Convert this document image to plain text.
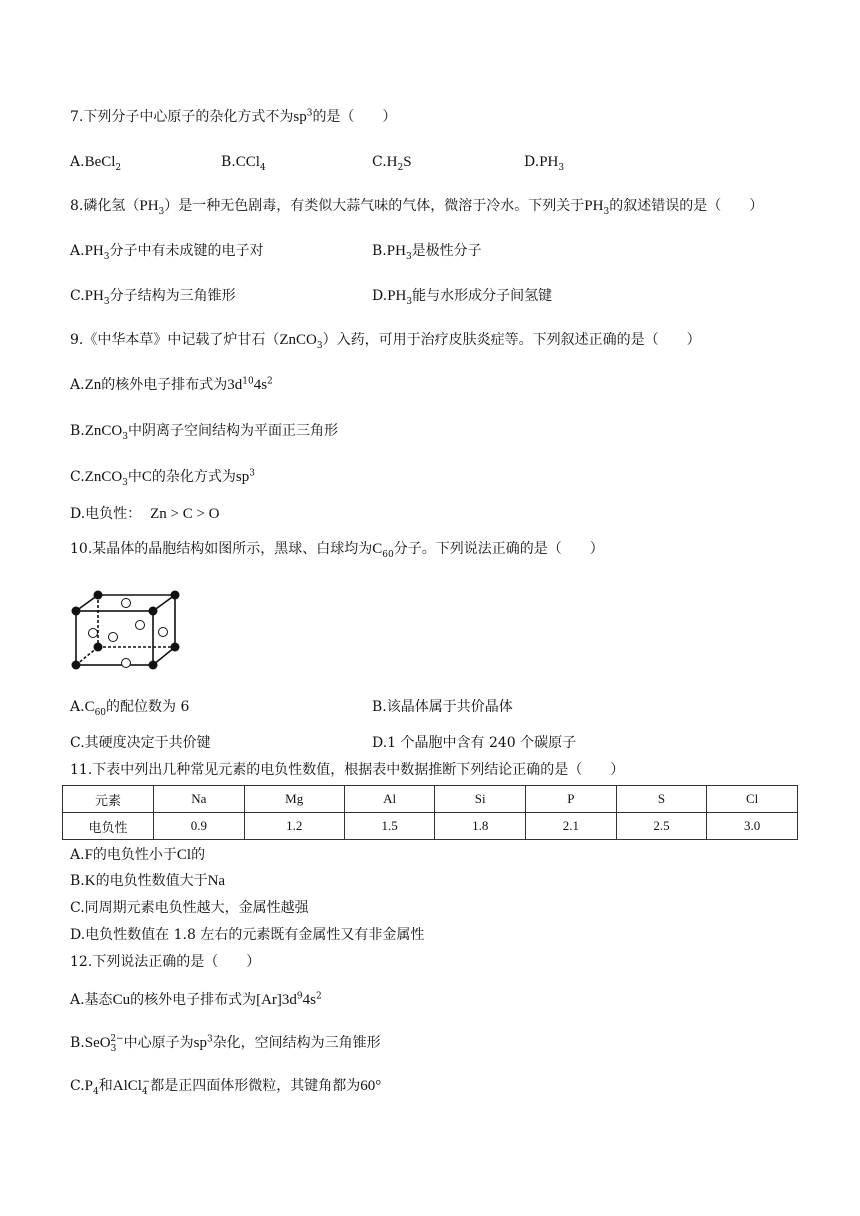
7.下列分子中心原子的杂化方式不为$sp^3$的是（　　）
A.BeCl$_2$	B.CCl$_4$	$C.H_2S$	$D.PH_3$
8.磷化氢$(PH_3)$是一种无色剧毒，有类似大蒜气味的气体，微溶于冷水。下列关于$PH_3$的叙述错误的是（　　）
$A.PH_3$分子中有未成键的电子对	$B.PH_3$是极性分子
$C.PH_3$分子结构为三角锥形	$D.PH_3$能与水形成分子间氢键
9.《中华本草》中记载了炉甘石（ZnCO$_3$）入药，可用于治疗皮肤炎症等。下列叙述正确的是（　　）
A.Zn的核外电子排布式为$3d^{10}4s^2$
B.ZnCO$_3$中阴离子空间结构为平面正三角形
C.ZnCO$_3$中C的杂化方式为$sp^3$
D.电负性： Zn > C > O
10.某晶体的晶胞结构如图所示，黑球、白球均为$C_{60}$分子。下列说法正确的是（　　）
$A.C_{60}$的配位数为 6	B.该晶体属于共价晶体
C.其硬度决定于共价键	D.1 个晶胞中含有 240 个碳原子
11.下表中列出几种常见元素的电负性数值，根据表中数据推断下列结论正确的是（　　）
元素	Na	Mg	Al	Si	P	S	Cl
电负性	0.9	1.2	1.5	1.8	2.1	2.5	3.0
A.F的电负性小于Cl的
B.K的电负性数值大于Na
C.同周期元素电负性越大，金属性越强
D.电负性数值在 1.8 左右的元素既有金属性又有非金属性
12.下列说法正确的是（　　）
A.基态Cu的核外电子排布式为$[Ar]3d^94s^2$
B.SeO$_3^{2-}$中心原子为$sp^3$杂化，空间结构为三角锥形
$C.P_4$和AlCl$_4$−都是正四面体形微粒，其键角都为60°
